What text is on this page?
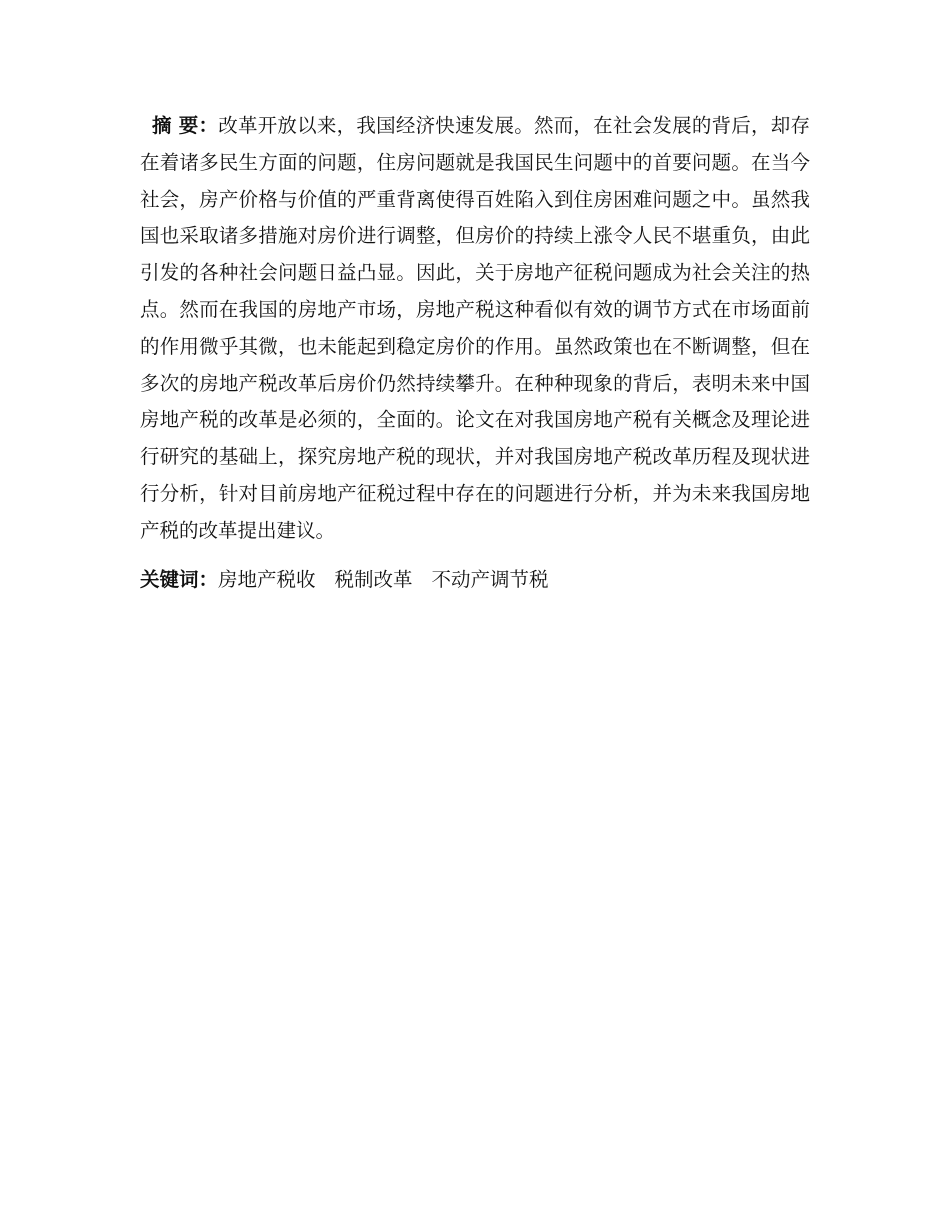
摘 要：改革开放以来，我国经济快速发展。然而，在社会发展的背后，却存在着诸多民生方面的问题，住房问题就是我国民生问题中的首要问题。在当今社会，房产价格与价值的严重背离使得百姓陷入到住房困难问题之中。虽然我国也采取诸多措施对房价进行调整，但房价的持续上涨令人民不堪重负，由此引发的各种社会问题日益凸显。因此，关于房地产征税问题成为社会关注的热点。然而在我国的房地产市场，房地产税这种看似有效的调节方式在市场面前的作用微乎其微，也未能起到稳定房价的作用。虽然政策也在不断调整，但在多次的房地产税改革后房价仍然持续攀升。在种种现象的背后，表明未来中国房地产税的改革是必须的，全面的。论文在对我国房地产税有关概念及理论进行研究的基础上，探究房地产税的现状，并对我国房地产税改革历程及现状进行分析，针对目前房地产征税过程中存在的问题进行分析，并为未来我国房地产税的改革提出建议。

关键词：房地产税收 税制改革 不动产调节税
